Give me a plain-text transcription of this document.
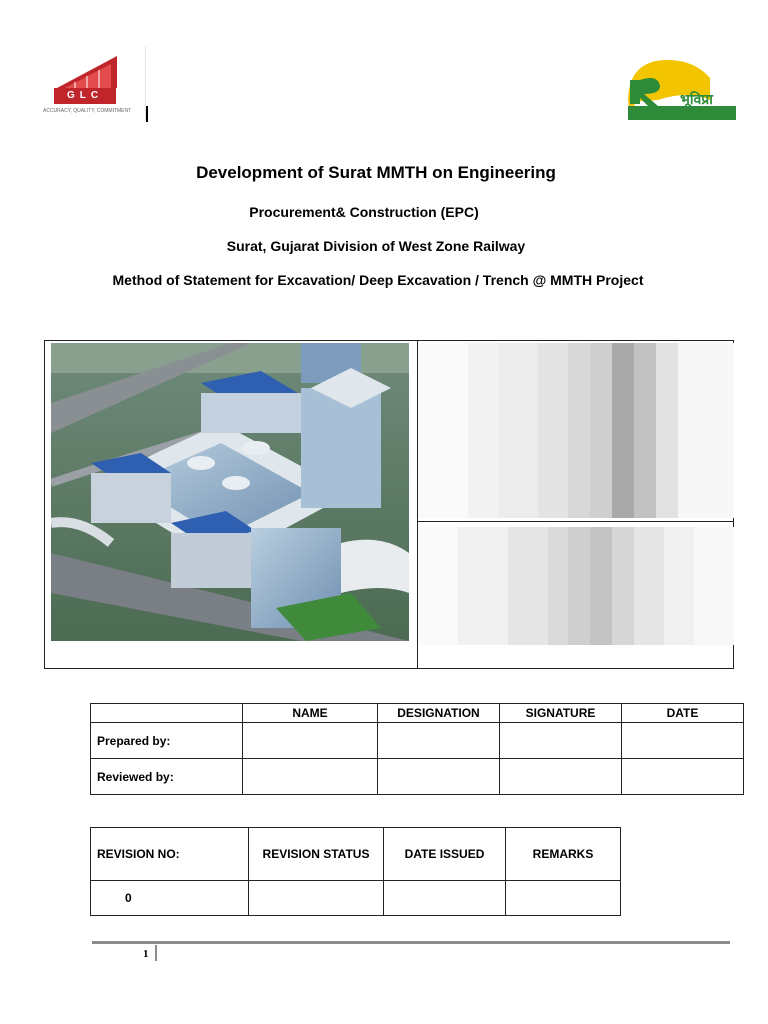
GLC
ACCURACY, QUALITY, COMMITMENT
RLDA
भूविप्रा
Development of Surat MMTH on Engineering
Procurement& Construction (EPC)
Surat, Gujarat Division of West Zone Railway
Method of Statement for Excavation/ Deep Excavation / Trench @ MMTH Project
	NAME	DESIGNATION	SIGNATURE	DATE
Prepared by:				
Reviewed by:				
REVISION NO:	REVISION STATUS	DATE ISSUED	REMARKS
0			
1
